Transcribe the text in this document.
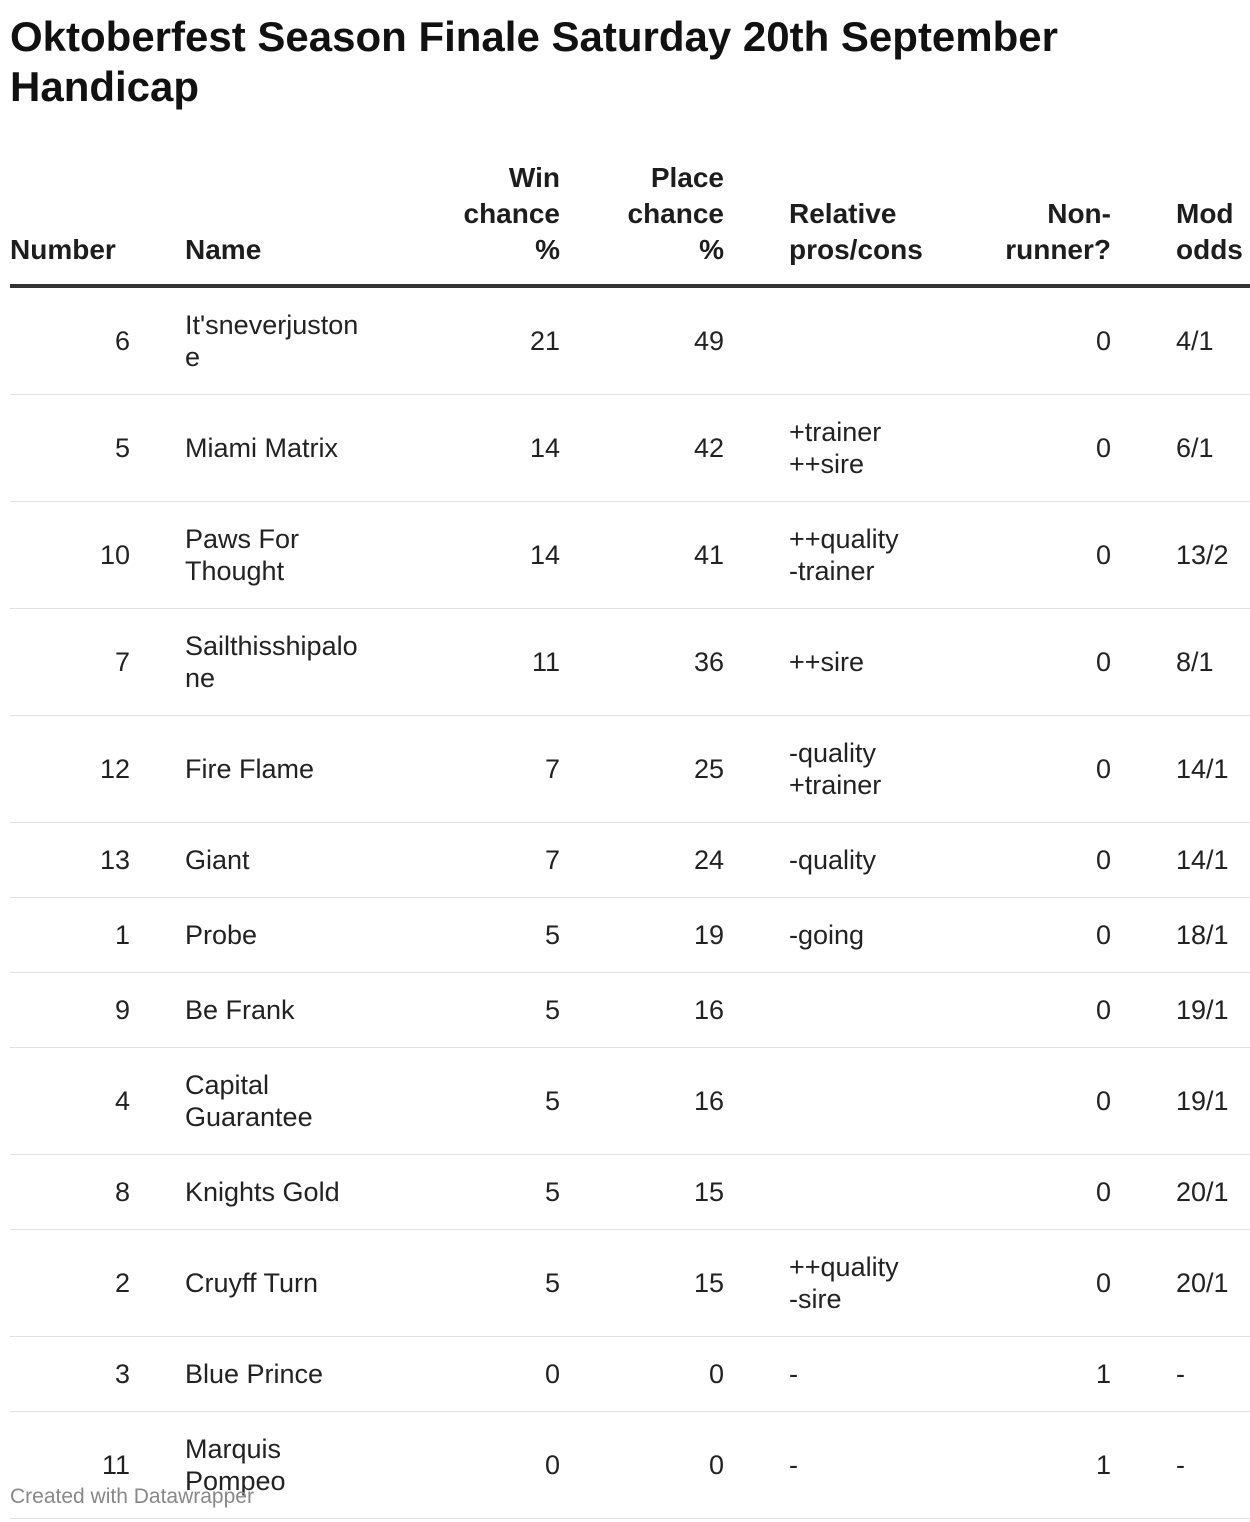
Oktoberfest Season Finale Saturday 20th September Handicap
Number	Name	Win
chance
%	Place
chance
%	Relative
pros/cons	Non-
runner?	Mod
odds
6	It'sneverjustone	21	49		0	4/1
5	Miami Matrix	14	42	+trainer
++sire	0	6/1
10	Paws For
Thought	14	41	++quality
-trainer	0	13/2
7	Sailthisshipalone	11	36	++sire	0	8/1
12	Fire Flame	7	25	-quality
+trainer	0	14/1
13	Giant	7	24	-quality	0	14/1
1	Probe	5	19	-going	0	18/1
9	Be Frank	5	16		0	19/1
4	Capital
Guarantee	5	16		0	19/1
8	Knights Gold	5	15		0	20/1
2	Cruyff Turn	5	15	++quality
-sire	0	20/1
3	Blue Prince	0	0	-	1	-
11	Marquis
Pompeo	0	0	-	1	-
Created with Datawrapper
